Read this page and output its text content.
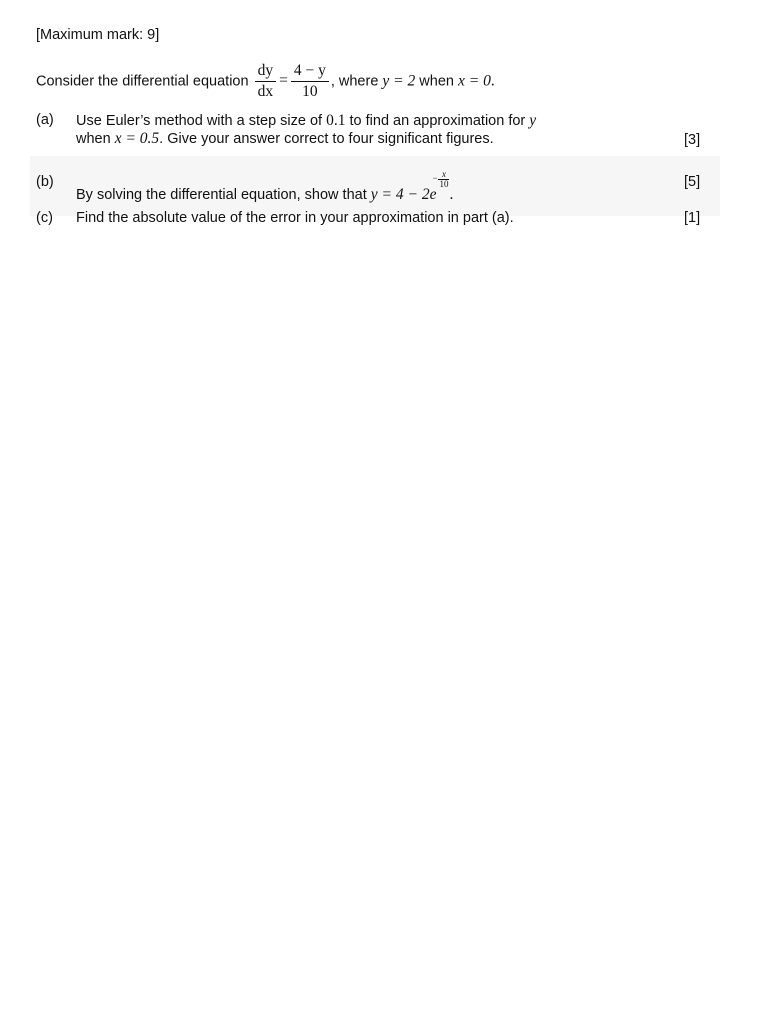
[Maximum mark: 9]
Consider the differential equation $\frac{dy}{dx} = \frac{4 - y}{10}$ , where y = 2 when x = 0.
(a) Use Euler’s method with a step size of 0.1 to find an approximation for y
when x = 0.5. Give your answer correct to four significant figures.	[3]
(b)
By solving the differential equation, show that y = 4 − 2e
− x
10
.
[5]
(c) Find the absolute value of the error in your approximation in part (a).	[1]
